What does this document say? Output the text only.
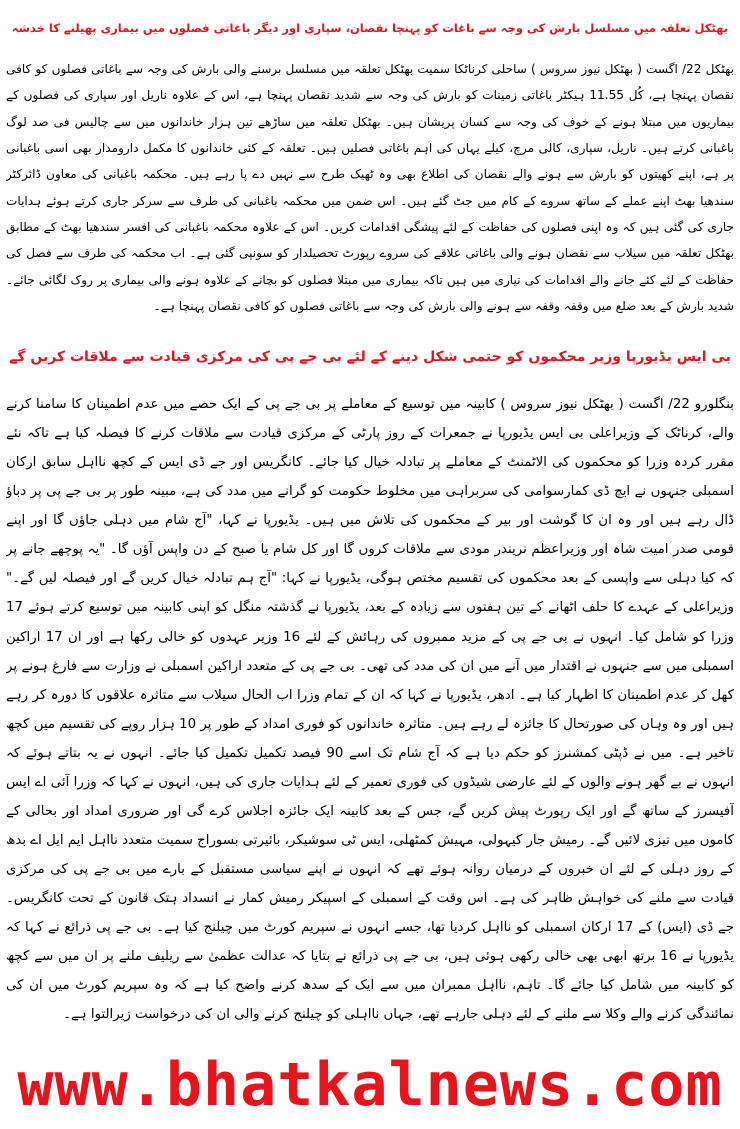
بھٹکل تعلقہ میں مسلسل بارش کی وجہ سے باغات کو پہنچا نقصان، سپاری اور دیگر باغاتی فصلوں میں بیماری پھیلنے کا خدشہ

بھٹکل 22/ اگست ( بھٹکل نیوز سروس ) ساحلی کرناٹکا سمیت بھٹکل تعلقہ میں مسلسل برسنے والی بارش کی وجہ سے باغاتی فصلوں کو کافی نقصان پہنچا ہے، کُل 11.55 ہیکٹر باغاتی زمینات کو بارش کی وجہ سے شدید نقصان پہنچا ہے، اس کے علاوہ ناریل اور سپاری کی فصلوں کے بیماریوں میں مبتلا ہونے کے خوف کی وجہ سے کسان پریشان ہیں۔ بھٹکل تعلقہ میں ساڑھے تین ہزار خاندانوں میں سے چالیس فی صد لوگ باغبانی کرتے ہیں۔ ناریل، سپاری، کالی مرچ، کیلے یہاں کی اہم باغاتی فصلیں ہیں۔ تعلقہ کے کئی خاندانوں کا مکمل دارومدار بھی اسی باغبانی پر ہے، اپنے کھیتوں کو بارش سے ہونے والے نقصان کی اطلاع بھی وہ ٹھیک طرح سے نہیں دے پا رہے ہیں۔ محکمہ باغبانی کی معاون ڈائرکٹر سندھیا بھٹ اپنے عملے کے ساتھ سروے کے کام میں جٹ گئے ہیں۔ اس ضمن میں محکمہ باغبانی کی طرف سے سرکر جاری کرتے ہوئے ہدایات جاری کی گئی ہیں کہ وہ اپنی فصلوں کی حفاظت کے لئے پیشگی اقدامات کریں۔ اس کے علاوہ محکمہ باغبانی کی افسر سندھیا بھٹ کے مطابق بھٹکل تعلقہ میں سیلاب سے نقصان ہونے والی باغاتی علاقے کی سروے رپورٹ تحصیلدار کو سونپی گئی ہے۔ اب محکمہ کی طرف سے فصل کی حفاظت کے لئے کئے جانے والے اقدامات کی تیاری میں ہیں تاکہ بیماری میں مبتلا فصلوں کو بچانے کے علاوہ ہونے والی بیماری پر روک لگائی جائے۔ شدید بارش کے بعد ضلع میں وقفہ وقفہ سے ہونے والی بارش کی وجہ سے باغاتی فصلوں کو کافی نقصان پہنچا ہے۔

بی ایس یڈیورپا وزیر محکموں کو حتمی شکل دینے کے لئے بی جے پی کی مرکزی قیادت سے ملاقات کریں گے

بنگلورو 22/ اگست ( بھٹکل نیوز سروس ) کابینہ میں توسیع کے معاملے پر بی جے پی کے ایک حصے میں عدم اطمینان کا سامنا کرنے والے، کرناٹک کے وزیراعلی بی ایس یڈیورپا نے جمعرات کے روز پارٹی کے مرکزی قیادت سے ملاقات کرنے کا فیصلہ کیا ہے تاکہ نئے مقرر کردہ وزرا کو محکموں کی الاٹمنٹ کے معاملے پر تبادلہ خیال کیا جائے۔ کانگریس اور جے ڈی ایس کے کچھ نااہل سابق ارکان اسمبلی جنہوں نے ایچ ڈی کمارسوامی کی سربراہی میں مخلوط حکومت کو گرانے میں مدد کی ہے، مبینہ طور پر بی جے پی پر دباؤ ڈال رہے ہیں اور وہ ان کا گوشت اور بیر کے محکموں کی تلاش میں ہیں۔ یڈیورپا نے کہا، "آج شام میں دہلی جاؤں گا اور اپنے قومی صدر امیت شاہ اور وزیراعظم نریندر مودی سے ملاقات کروں گا اور کل شام یا صبح کے دن واپس آؤں گا۔ "یہ پوچھے جانے پر کہ کیا دہلی سے واپسی کے بعد محکموں کی تقسیم مختص ہوگی، یڈیورپا نے کہا: "آج ہم تبادلہ خیال کریں گے اور فیصلہ لیں گے۔" وزیراعلی کے عہدے کا حلف اٹھانے کے تین ہفتوں سے زیادہ کے بعد، یڈیورپا نے گذشتہ منگل کو اپنی کابینہ میں توسیع کرتے ہوئے 17 وزرا کو شامل کیا۔ انہوں نے بی جے پی کے مزید ممبروں کی رہائش کے لئے 16 وزیر عہدوں کو خالی رکھا ہے اور ان 17 اراکین اسمبلی میں سے جنہوں نے اقتدار میں آنے میں ان کی مدد کی تھی۔ بی جے پی کے متعدد اراکین اسمبلی نے وزارت سے فارغ ہونے پر کھل کر عدم اطمینان کا اظہار کیا ہے۔ ادھر، یڈیورپا نے کہا کہ ان کے تمام وزرا اب الحال سیلاب سے متاثرہ علاقوں کا دورہ کر رہے ہیں اور وہ وہاں کی صورتحال کا جائزہ لے رہے ہیں۔ متاثرہ خاندانوں کو فوری امداد کے طور پر 10 ہزار روپے کی تقسیم میں کچھ تاخیر ہے۔ میں نے ڈپٹی کمشنرز کو حکم دیا ہے کہ آج شام تک اسے 90 فیصد تکمیل تکمیل کیا جائے۔ انہوں نے یہ بتاتے ہوئے کہ انہوں نے بے گھر ہونے والوں کے لئے عارضی شیڈوں کی فوری تعمیر کے لئے ہدایات جاری کی ہیں، انہوں نے کہا کہ وزرا آئی اے ایس آفیسرز کے ساتھ گے اور ایک رپورٹ پیش کریں گے، جس کے بعد کابینہ ایک جائزہ اجلاس کرے گی اور ضروری امداد اور بحالی کے کاموں میں تیزی لائیں گے۔ رمیش جار کیہولی، مہیش کمٹھلی، ایس ٹی سوشیکر، بائیرتی بسوراج سمیت متعدد نااہل ایم ایل اے بدھ کے روز دہلی کے لئے ان خبروں کے درمیان روانہ ہوئے تھے کہ انہوں نے اپنے سیاسی مستقبل کے بارے میں بی جے پی کی مرکزی قیادت سے ملنے کی خواہش ظاہر کی ہے۔ اس وقت کے اسمبلی کے اسپیکر رمیش کمار نے انسداد ہتک قانون کے تحت کانگریس۔ جے ڈی (ایس) کے 17 ارکان اسمبلی کو نااہل کردیا تھا، جسے انہوں نے سپریم کورٹ میں چیلنج کیا ہے۔ بی جے پی ذرائع نے کہا کہ یڈیورپا نے 16 برتھ ابھی بھی خالی رکھی ہوئی ہیں، بی جے پی ذرائع نے بتایا کہ عدالت عظمیٰ سے ریلیف ملنے پر ان میں سے کچھ کو کابینہ میں شامل کیا جائے گا۔ تاہم، نااہل ممبران میں سے ایک کے سدھ کرنے واضح کیا ہے کہ وہ سپریم کورٹ میں ان کی نمائندگی کرنے والے وکلا سے ملنے کے لئے دہلی جارہے تھے، جہاں نااہلی کو چیلنج کرنے والی ان کی درخواست زیرالتوا ہے۔

www.bhatkalnews.com
